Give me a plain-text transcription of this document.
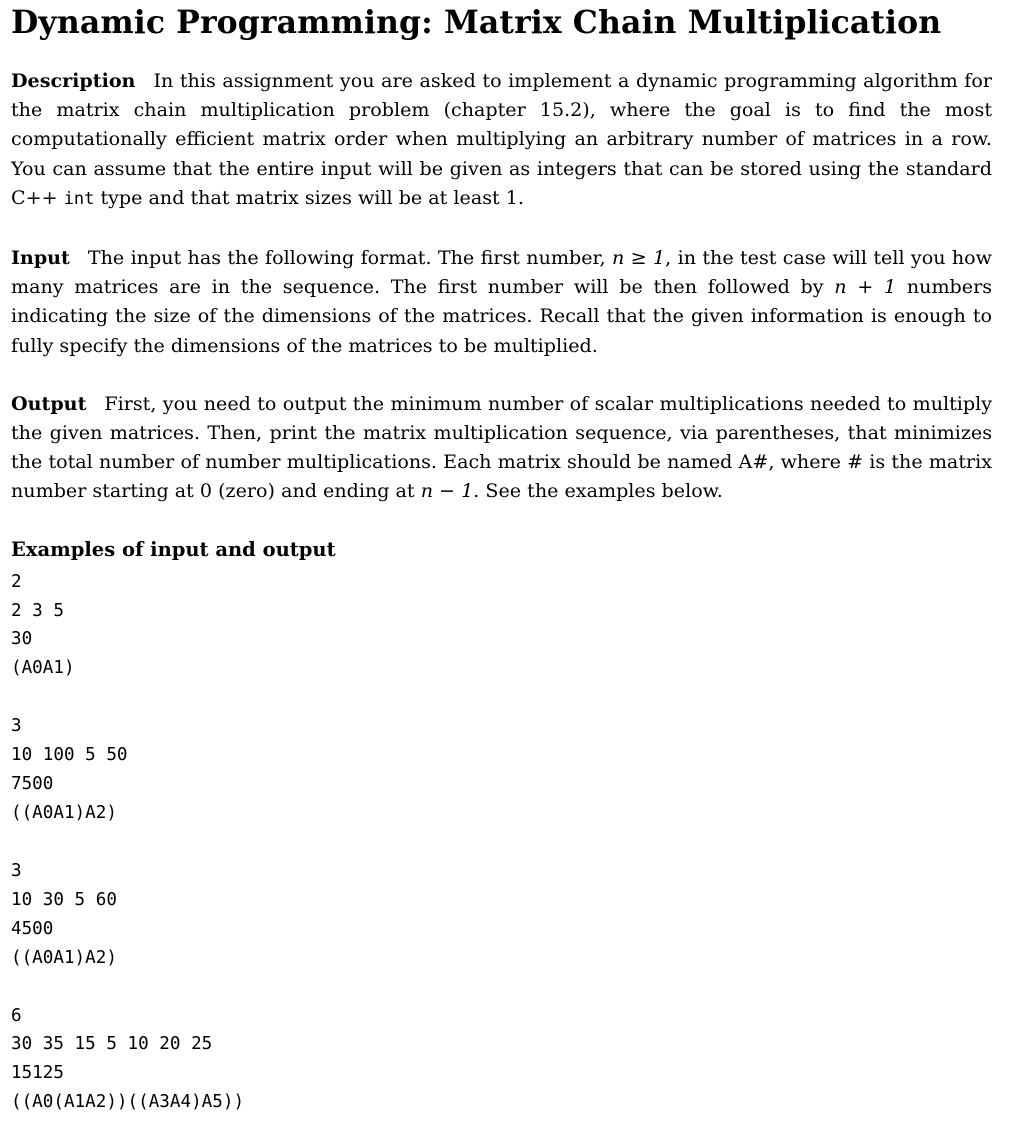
Dynamic Programming: Matrix Chain Multiplication

Description In this assignment you are asked to implement a dynamic programming algorithm for the matrix chain multiplication problem (chapter 15.2), where the goal is to find the most computationally efficient matrix order when multiplying an arbitrary number of matrices in a row. You can assume that the entire input will be given as integers that can be stored using the standard C++ int type and that matrix sizes will be at least 1.

Input The input has the following format. The first number, n ≥ 1, in the test case will tell you how many matrices are in the sequence. The first number will be then followed by n + 1 numbers indicating the size of the dimensions of the matrices. Recall that the given information is enough to fully specify the dimensions of the matrices to be multiplied.

Output First, you need to output the minimum number of scalar multiplications needed to multiply the given matrices. Then, print the matrix multiplication sequence, via parentheses, that minimizes the total number of number multiplications. Each matrix should be named A#, where # is the matrix number starting at 0 (zero) and ending at n − 1. See the examples below.

Examples of input and output
2
2 3 5
30
(A0A1)
3
10 100 5 50
7500
((A0A1)A2)
3
10 30 5 60
4500
((A0A1)A2)
6
30 35 15 5 10 20 25
15125
((A0(A1A2))((A3A4)A5))
